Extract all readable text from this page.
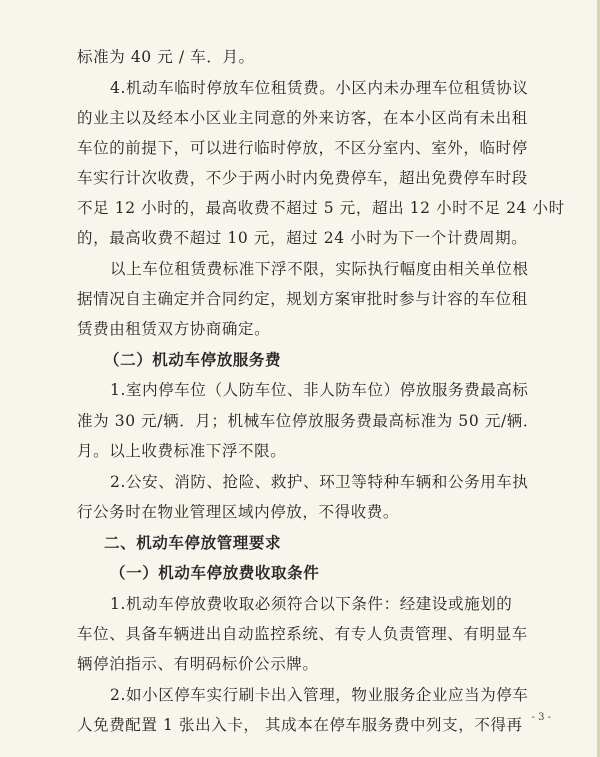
标准为 40 元 / 车．月。
4.机动车临时停放车位租赁费。小区内未办理车位租赁协议
的业主以及经本小区业主同意的外来访客，在本小区尚有未出租
车位的前提下，可以进行临时停放，不区分室内、室外，临时停
车实行计次收费，不少于两小时内免费停车，超出免费停车时段
不足 12 小时的，最高收费不超过 5 元，超出 12 小时不足 24 小时
的，最高收费不超过 10 元，超过 24 小时为下一个计费周期。
以上车位租赁费标准下浮不限，实际执行幅度由相关单位根
据情况自主确定并合同约定，规划方案审批时参与计容的车位租
赁费由租赁双方协商确定。
（二）机动车停放服务费
1.室内停车位（人防车位、非人防车位）停放服务费最高标
准为 30 元/辆．月；机械车位停放服务费最高标准为 50 元/辆．
月。以上收费标准下浮不限。
2.公安、消防、抢险、救护、环卫等特种车辆和公务用车执
行公务时在物业管理区域内停放，不得收费。
二、机动车停放管理要求
（一）机动车停放费收取条件
1.机动车停放费收取必须符合以下条件：经建设或施划的
车位、具备车辆进出自动监控系统、有专人负责管理、有明显车
辆停泊指示、有明码标价公示牌。
2.如小区停车实行刷卡出入管理，物业服务企业应当为停车
人免费配置 1 张出入卡， 其成本在停车服务费中列支，不得再 - 3 -
